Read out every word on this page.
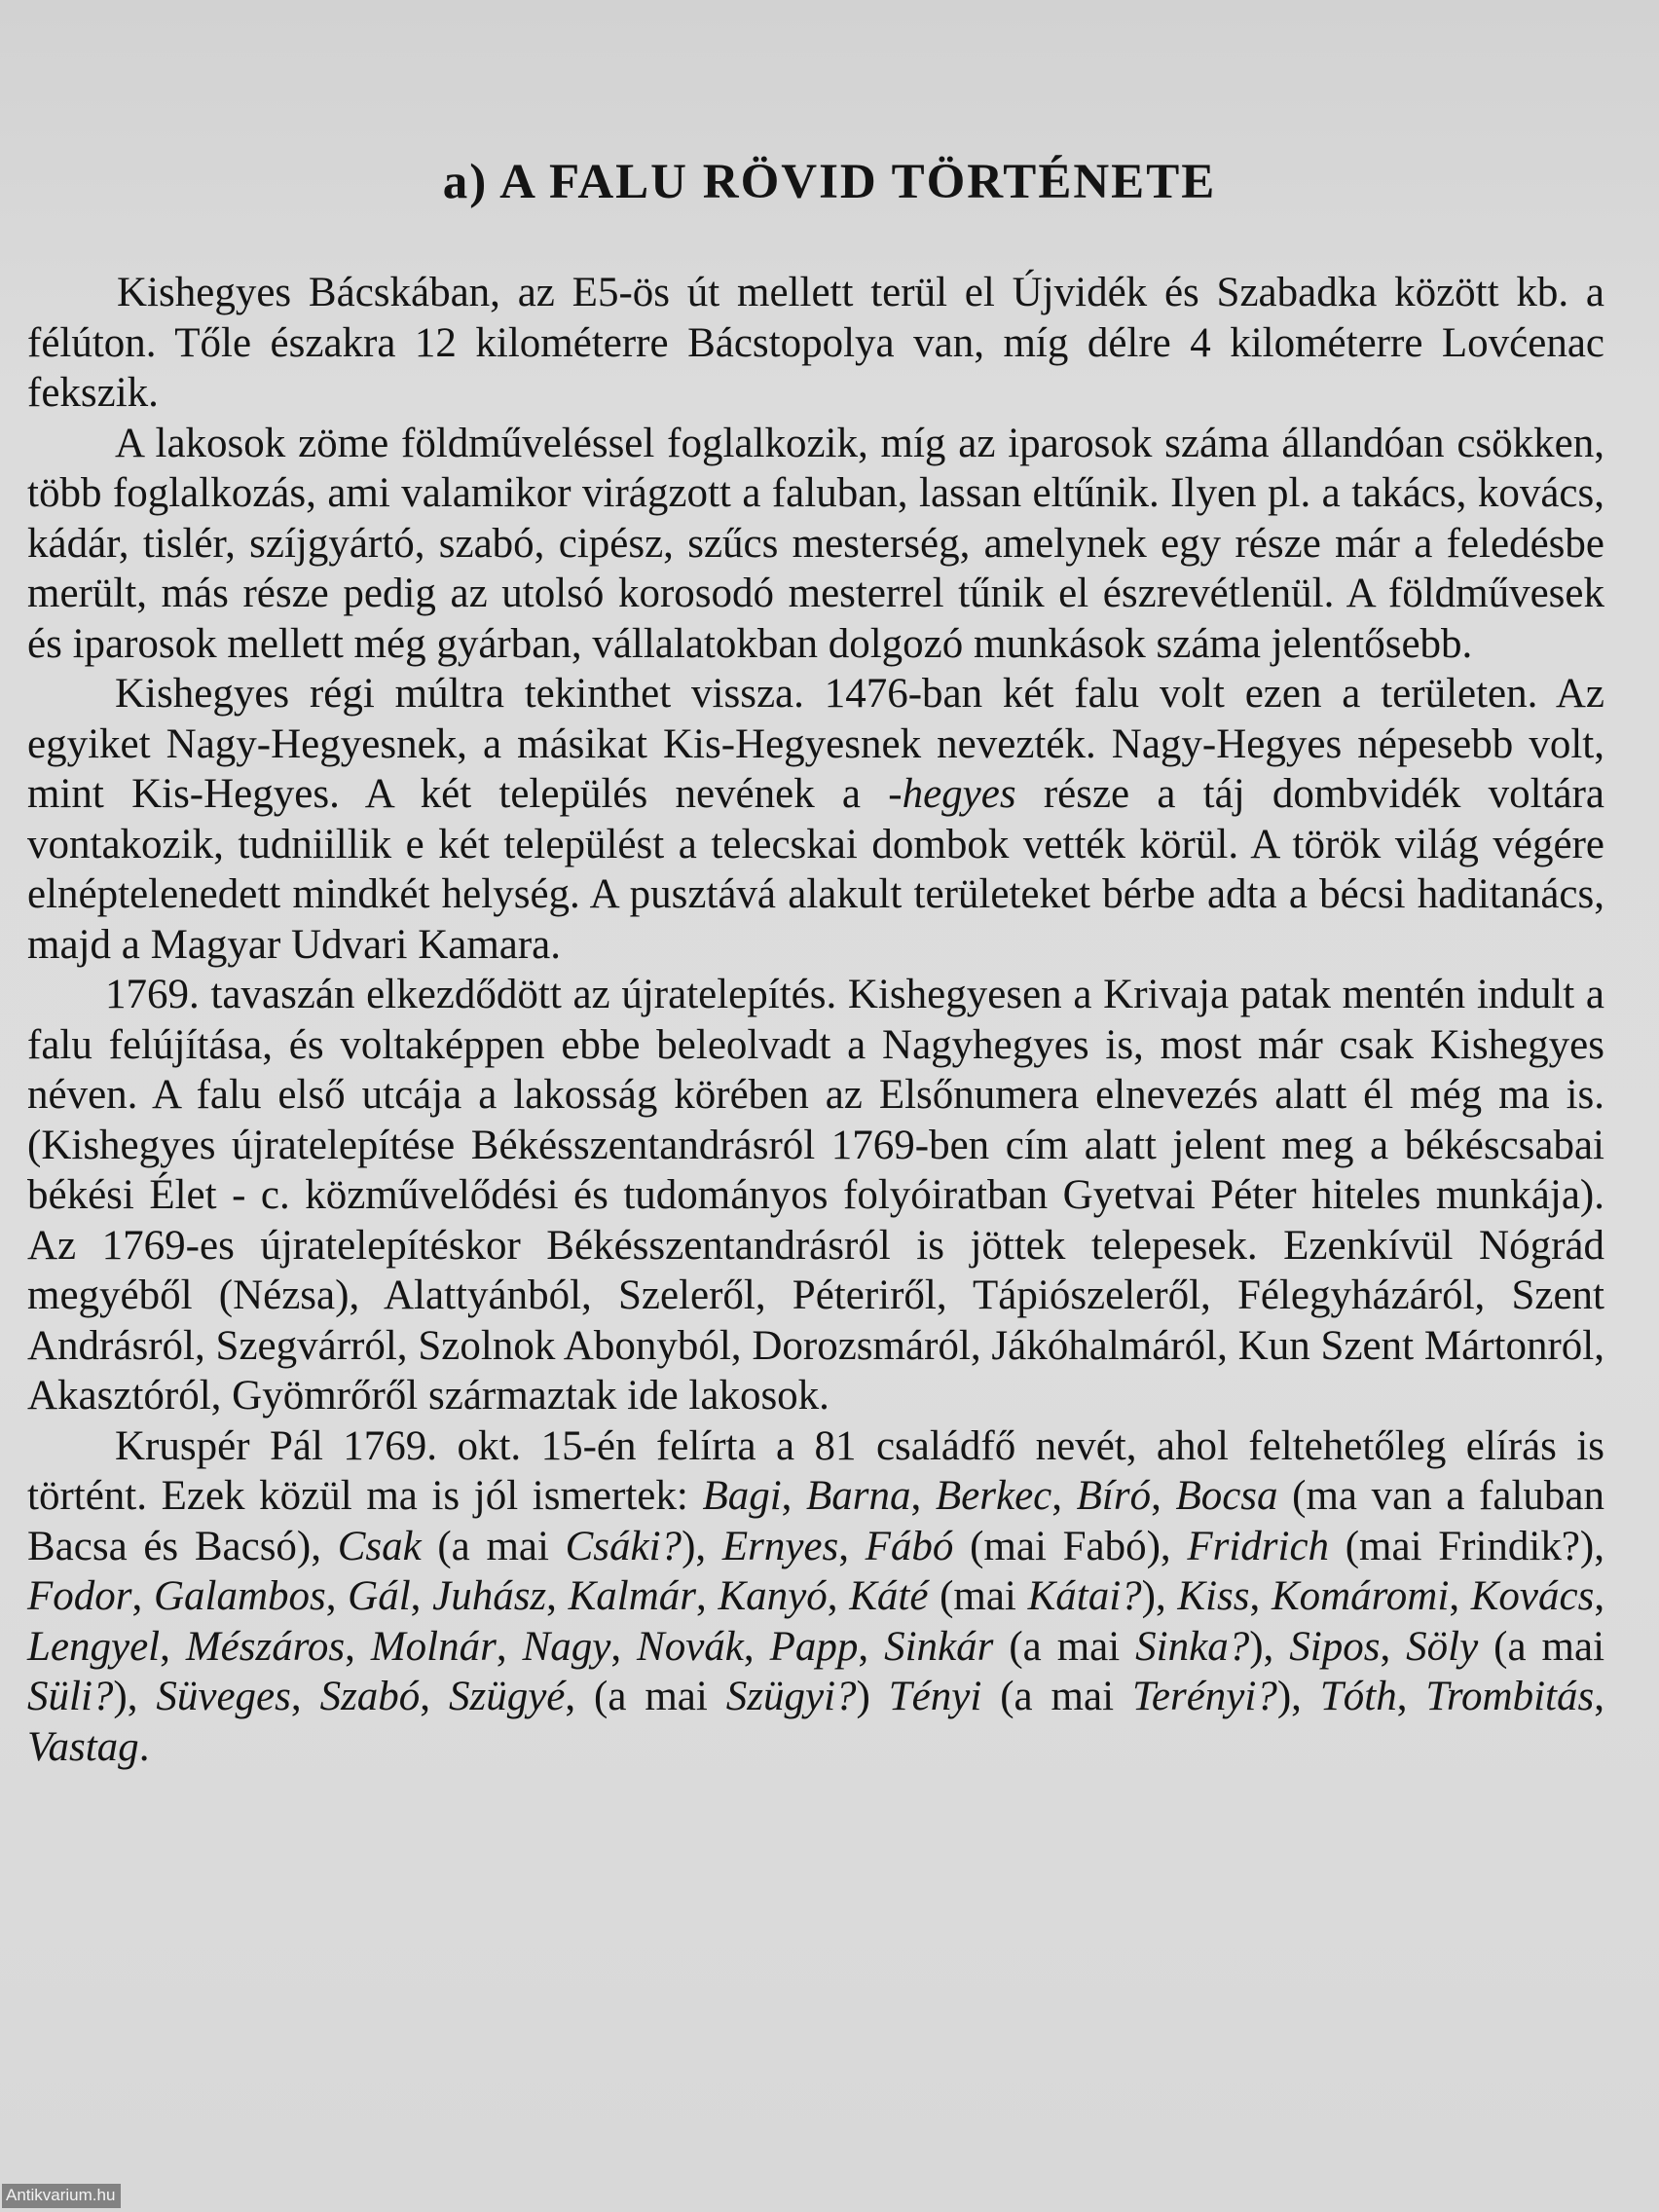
a) A FALU RÖVID TÖRTÉNETE

Kishegyes Bácskában, az E5-ös út mellett terül el Újvidék és Szabadka között kb. a félúton. Tőle északra 12 kilométerre Bácstopolya van, míg délre 4 kilométerre Lovćenac fekszik.

A lakosok zöme földműveléssel foglalkozik, míg az iparosok száma állandóan csökken, több foglalkozás, ami valamikor virágzott a faluban, lassan eltűnik. Ilyen pl. a takács, kovács, kádár, tislér, szíjgyártó, szabó, cipész, szűcs mesterség, amelynek egy része már a feledésbe merült, más része pedig az utolsó korosodó mesterrel tűnik el észrevétlenül. A földművesek és iparosok mellett még gyárban, vállalatokban dolgozó munkások száma jelentősebb.

Kishegyes régi múltra tekinthet vissza. 1476-ban két falu volt ezen a területen. Az egyiket Nagy-Hegyesnek, a másikat Kis-Hegyesnek nevezték. Nagy-Hegyes népesebb volt, mint Kis-Hegyes. A két település nevének a -hegyes része a táj dombvidék voltára vontakozik, tudniillik e két települést a telecskai dombok vették körül. A török világ végére elnéptelenedett mindkét helység. A pusztává alakult területeket bérbe adta a bécsi haditanács, majd a Magyar Udvari Kamara.

1769. tavaszán elkezdődött az újratelepítés. Kishegyesen a Krivaja patak mentén indult a falu felújítása, és voltaképpen ebbe beleolvadt a Nagyhegyes is, most már csak Kishegyes néven. A falu első utcája a lakosság körében az Elsőnumera elnevezés alatt él még ma is. (Kishegyes újratelepítése Békésszentandrásról 1769-ben cím alatt jelent meg a békéscsabai békési Élet - c. közművelődési és tudományos folyóiratban Gyetvai Péter hiteles munkája). Az 1769-es újratelepítéskor Békésszentandrásról is jöttek telepesek. Ezenkívül Nógrád megyéből (Nézsa), Alattyánból, Szeleről, Péteriről, Tápiószeleről, Félegyházáról, Szent Andrásról, Szegvárról, Szolnok Abonyból, Dorozsmáról, Jákóhalmáról, Kun Szent Mártonról, Akasztóról, Gyömrőről származtak ide lakosok.

Kruspér Pál 1769. okt. 15-én felírta a 81 családfő nevét, ahol feltehetőleg elírás is történt. Ezek közül ma is jól ismertek: Bagi, Barna, Berkec, Bíró, Bocsa (ma van a faluban Bacsa és Bacsó), Csak (a mai Csáki?), Ernyes, Fábó (mai Fabó), Fridrich (mai Frindik?), Fodor, Galambos, Gál, Juhász, Kalmár, Kanyó, Káté (mai Kátai?), Kiss, Komáromi, Kovács, Lengyel, Mészáros, Molnár, Nagy, Novák, Papp, Sinkár (a mai Sinka?), Sipos, Söly (a mai Süli?), Süveges, Szabó, Szügyé, (a mai Szügyi?) Tényi (a mai Terényi?), Tóth, Trombitás, Vastag.

Antikvarium.hu
